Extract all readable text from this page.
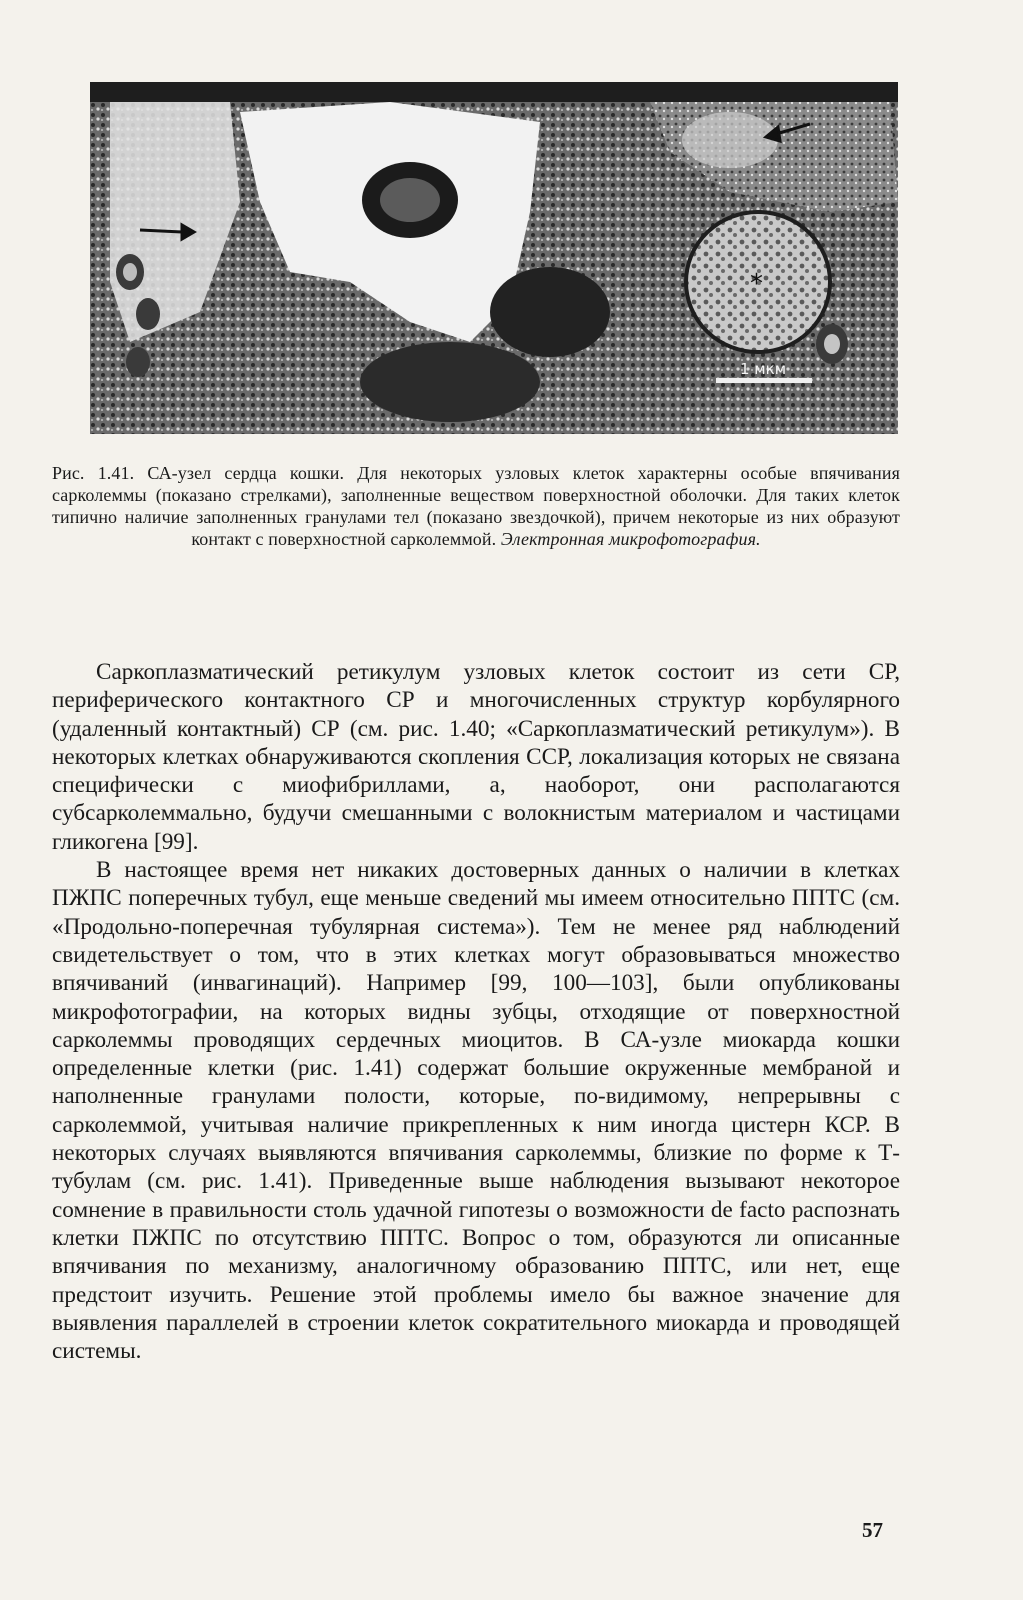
*
1 мкм
Рис. 1.41. СА-узел сердца кошки. Для некоторых узловых клеток характерны особые впячивания сарколеммы (показано стрелками), заполненные веществом поверхностной оболочки. Для таких клеток типично наличие заполненных гранулами тел (показано звездочкой), причем некоторые из них образуют контакт с поверхностной сарколеммой. Электронная микрофотография.

Саркоплазматический ретикулум узловых клеток состоит из сети СР, периферического контактного СР и многочисленных структур корбулярного (удаленный контактный) СР (см. рис. 1.40; «Саркоплазматический ретикулум»). В некоторых клетках обнаруживаются скопления ССР, локализация которых не связана специфически с миофибриллами, а, наоборот, они располагаются субсарколеммально, будучи смешанными с волокнистым материалом и частицами гликогена [99].

В настоящее время нет никаких достоверных данных о наличии в клетках ПЖПС поперечных тубул, еще меньше сведений мы имеем относительно ППТС (см. «Продольно-поперечная тубулярная система»). Тем не менее ряд наблюдений свидетельствует о том, что в этих клетках могут образовываться множество впячиваний (инвагинаций). Например [99, 100—103], были опубликованы микрофотографии, на которых видны зубцы, отходящие от поверхностной сарколеммы проводящих сердечных миоцитов. В СА-узле миокарда кошки определенные клетки (рис. 1.41) содержат большие окруженные мембраной и наполненные гранулами полости, которые, по-видимому, непрерывны с сарколеммой, учитывая наличие прикрепленных к ним иногда цистерн КСР. В некоторых случаях выявляются впячивания сарколеммы, близкие по форме к Т-тубулам (см. рис. 1.41). Приведенные выше наблюдения вызывают некоторое сомнение в правильности столь удачной гипотезы о возможности de facto распознать клетки ПЖПС по отсутствию ППТС. Вопрос о том, образуются ли описанные впячивания по механизму, аналогичному образованию ППТС, или нет, еще предстоит изучить. Решение этой проблемы имело бы важное значение для выявления параллелей в строении клеток сократительного миокарда и проводящей системы.

57
